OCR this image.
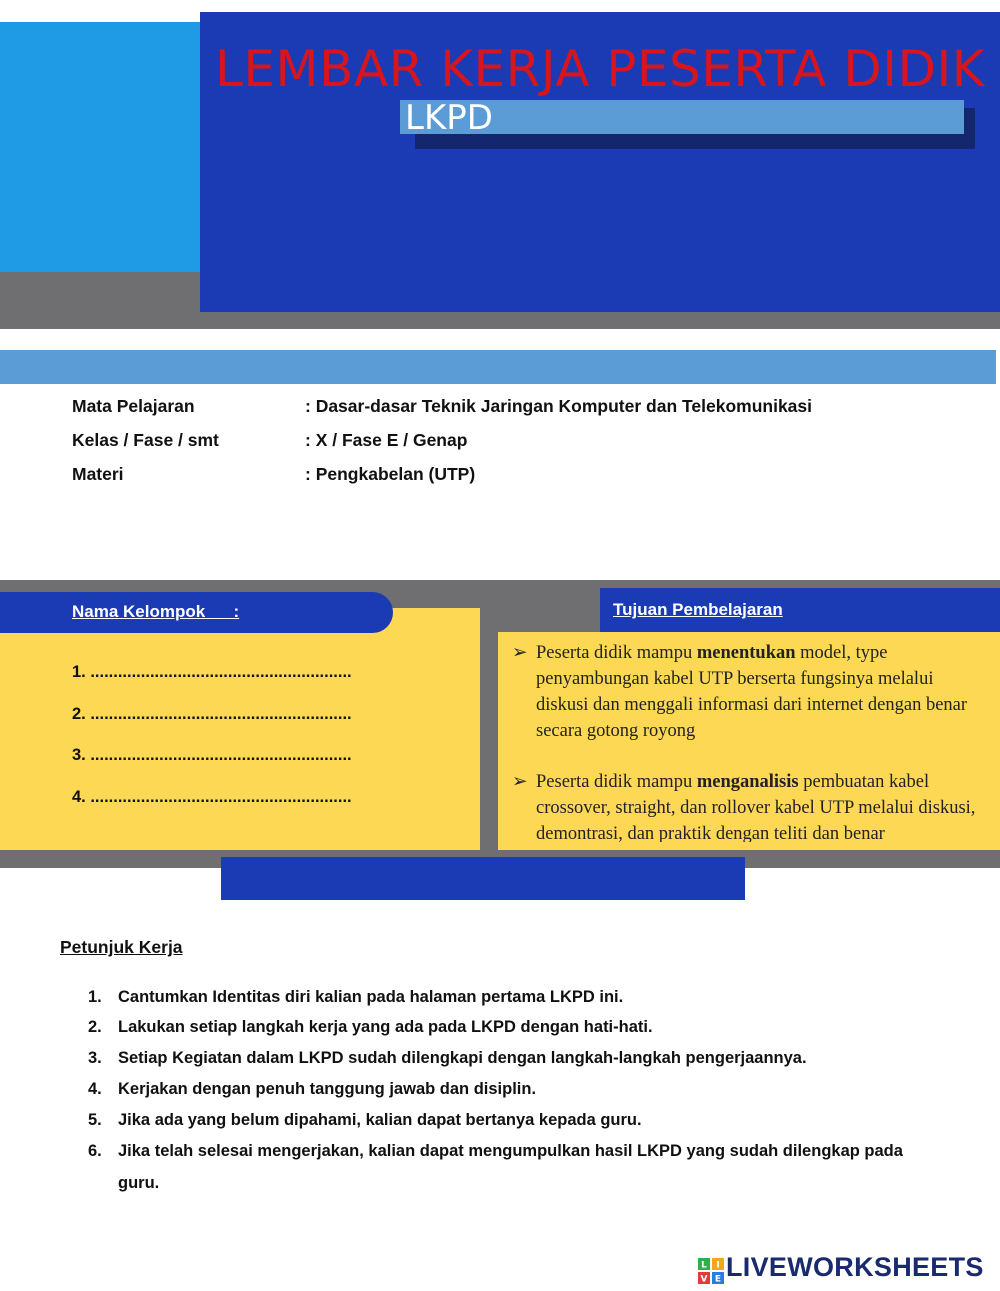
LEMBAR KERJA PESERTA DIDIK
LKPD
Mata Pelajaran	: Dasar-dasar Teknik Jaringan Komputer dan Telekomunikasi
Kelas / Fase / smt	: X / Fase E / Genap
Materi	: Pengkabelan (UTP)
Nama Kelompok      :	Tujuan Pembelajaran
1. .........................................................
2. .........................................................
3. .........................................................
4. .........................................................
➢ Peserta didik mampu menentukan model, type penyambungan kabel UTP berserta fungsinya melalui diskusi dan menggali informasi dari internet dengan benar secara gotong royong
➢ Peserta didik mampu menganalisis pembuatan kabel crossover, straight, dan rollover kabel UTP melalui diskusi, demontrasi, dan praktik dengan teliti dan benar
Petunjuk Kerja
1. Cantumkan Identitas diri kalian pada halaman pertama LKPD ini.
2. Lakukan setiap langkah kerja yang ada pada LKPD dengan hati-hati.
3. Setiap Kegiatan dalam LKPD sudah dilengkapi dengan langkah-langkah pengerjaannya.
4. Kerjakan dengan penuh tanggung jawab dan disiplin.
5. Jika ada yang belum dipahami, kalian dapat bertanya kepada guru.
6. Jika telah selesai mengerjakan, kalian dapat mengumpulkan hasil LKPD yang sudah dilengkap pada guru.
L I
V E LIVEWORKSHEETS
